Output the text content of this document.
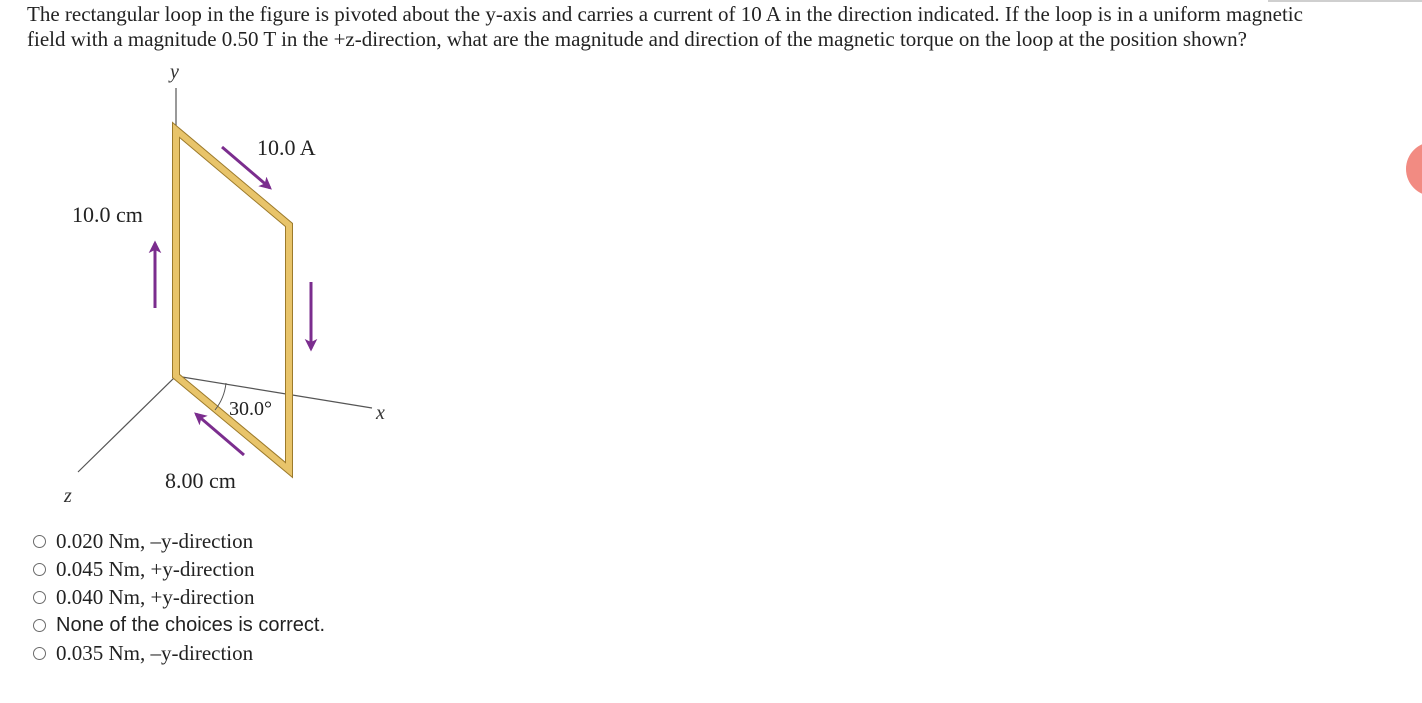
The rectangular loop in the figure is pivoted about the y-axis and carries a current of 10 A in the direction indicated. If the loop is in a uniform magnetic
field with a magnitude 0.50 T in the +z-direction, what are the magnitude and direction of the magnetic torque on the loop at the position shown?
y
x
z
10.0 A
10.0 cm
8.00 cm
30.0°
0.020 Nm, –y-direction
0.045 Nm, +y-direction
0.040 Nm, +y-direction
None of the choices is correct.
0.035 Nm, –y-direction
